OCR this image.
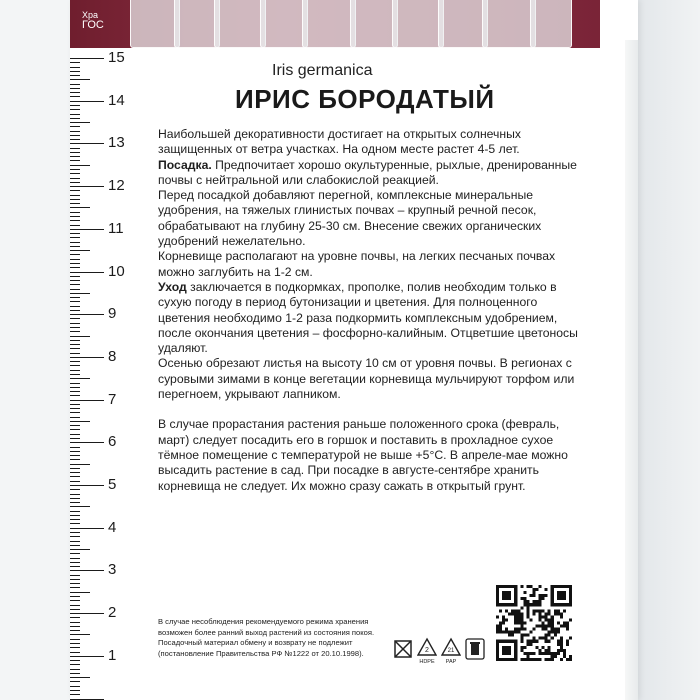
Хра
ГОС
15
14
13
12
11
10
9
8
7
6
5
4
3
2
1
Iris germanica
ИРИС БОРОДАТЫЙ

Наибольшей декоративности достигает на открытых солнечных защищенных от ветра участках. На одном месте растет 4-5 лет.

Посадка. Предпочитает хорошо окультуренные, рыхлые, дренированные почвы с нейтральной или слабокислой реакцией.

Перед посадкой добавляют перегной, комплексные минеральные удобрения, на тяжелых глинистых почвах – крупный речной песок, обрабатывают на глубину 25-30 см. Внесение свежих органических удобрений нежелательно.

Корневище располагают на уровне почвы, на легких песчаных почвах можно заглубить на 1-2 см.

Уход заключается в подкормках, прополке, полив необходим только в сухую погоду в период бутонизации и цветения. Для полноценного цветения необходимо 1-2 раза подкормить комплексным удобрением, после окончания цветения – фосфорно-калийным. Отцветшие цветоносы удаляют.

Осенью обрезают листья на высоту 10 см от уровня почвы. В регионах с суровыми зимами в конце вегетации корневища мульчируют торфом или перегноем, укрывают лапником.

В случае прорастания растения раньше положенного срока (февраль, март) следует посадить его в горшок и поставить в прохладное сухое тёмное помещение с температурой не выше +5°С. В апреле-мае можно высадить растение в сад. При посадке в августе-сентябре хранить корневища не следует. Их можно сразу сажать в открытый грунт.

В случае несоблюдения рекомендуемого режима хранения

возможен более ранний выход растений из состояния покоя.

Посадочный материал обмену и возврату не подлежит

(постановление Правительства РФ №1222 от 20.10.1998).	2
HDPE
21
PAP
